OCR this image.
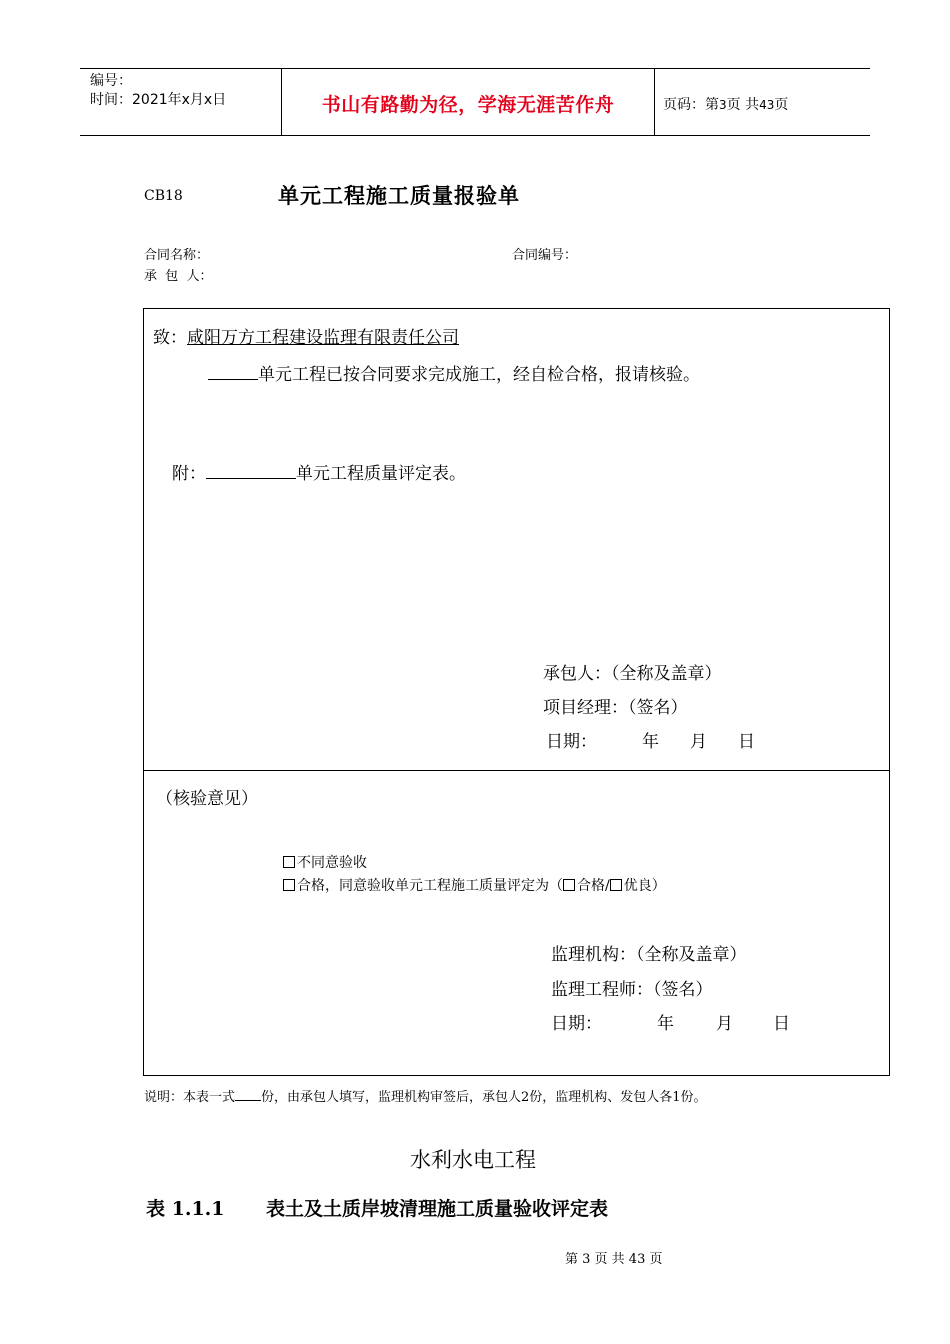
编号：
时间：2021年x月x日	书山有路勤为径，学海无涯苦作舟	页码：第3页 共43页
CB18	单元工程施工质量报验单
合同名称：	合同编号：
承  包  人：
致：咸阳万方工程建设监理有限责任公司
单元工程已按合同要求完成施工，经自检合格，报请核验。
附：	单元工程质量评定表。
承包人：（全称及盖章）
项目经理：（签名）
日期：	年 月 日
（核验意见）
不同意验收
合格，同意验收单元工程施工质量评定为（ 合格/ 优良）
监理机构：（全称及盖章）
监理工程师：（签名）
日期：	年 月 日
说明：本表一式 份，由承包人填写，监理机构审签后，承包人2份，监理机构、发包人各1份。
水利水电工程
表 1.1.1 表土及土质岸坡清理施工质量验收评定表
第 3 页 共 43 页
